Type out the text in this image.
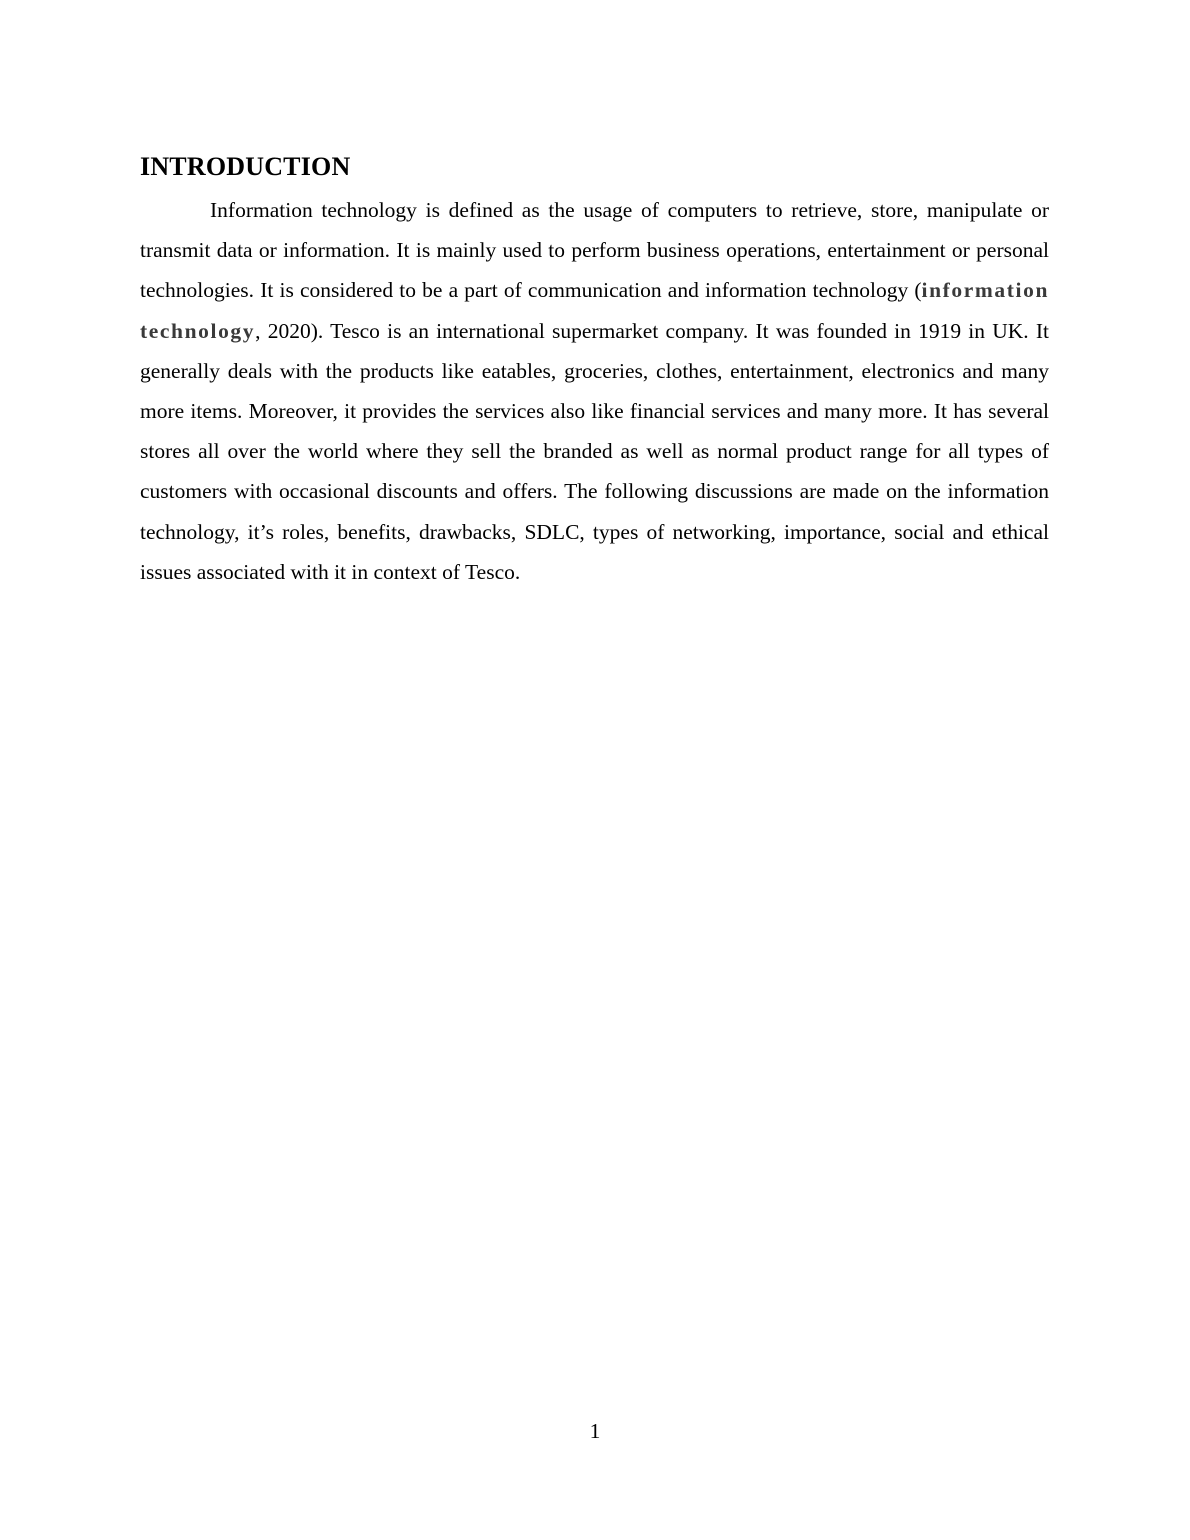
INTRODUCTION

Information technology is defined as the usage of computers to retrieve, store, manipulate or transmit data or information. It is mainly used to perform business operations, entertainment or personal technologies. It is considered to be a part of communication and information technology (information technology, 2020). Tesco is an international supermarket company. It was founded in 1919 in UK. It generally deals with the products like eatables, groceries, clothes, entertainment, electronics and many more items. Moreover, it provides the services also like financial services and many more. It has several stores all over the world where they sell the branded as well as normal product range for all types of customers with occasional discounts and offers. The following discussions are made on the information technology, it’s roles, benefits, drawbacks, SDLC, types of networking, importance, social and ethical issues associated with it in context of Tesco.

1
